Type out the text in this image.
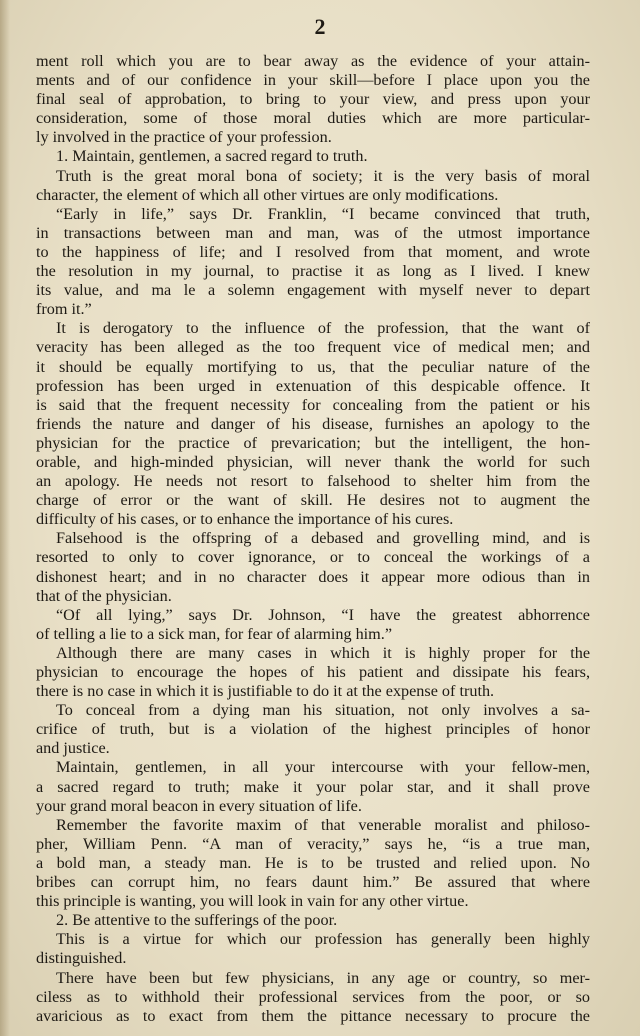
2
ment roll which you are to bear away as the evidence of your attain-
ments and of our confidence in your skill—before I place upon you the
final seal of approbation, to bring to your view, and press upon your
consideration, some of those moral duties which are more particular-
ly involved in the practice of your profession.
1. Maintain, gentlemen, a sacred regard to truth.
Truth is the great moral bona of society; it is the very basis of moral
character, the element of which all other virtues are only modifications.
“Early in life,” says Dr. Franklin, “I became convinced that truth,
in transactions between man and man, was of the utmost importance
to the happiness of life; and I resolved from that moment, and wrote
the resolution in my journal, to practise it as long as I lived. I knew
its value, and ma le a solemn engagement with myself never to depart
from it.”
It is derogatory to the influence of the profession, that the want of
veracity has been alleged as the too frequent vice of medical men; and
it should be equally mortifying to us, that the peculiar nature of the
profession has been urged in extenuation of this despicable offence. It
is said that the frequent necessity for concealing from the patient or his
friends the nature and danger of his disease, furnishes an apology to the
physician for the practice of prevarication; but the intelligent, the hon-
orable, and high-minded physician, will never thank the world for such
an apology. He needs not resort to falsehood to shelter him from the
charge of error or the want of skill. He desires not to augment the
difficulty of his cases, or to enhance the importance of his cures.
Falsehood is the offspring of a debased and grovelling mind, and is
resorted to only to cover ignorance, or to conceal the workings of a
dishonest heart; and in no character does it appear more odious than in
that of the physician.
“Of all lying,” says Dr. Johnson, “I have the greatest abhorrence
of telling a lie to a sick man, for fear of alarming him.”
Although there are many cases in which it is highly proper for the
physician to encourage the hopes of his patient and dissipate his fears,
there is no case in which it is justifiable to do it at the expense of truth.
To conceal from a dying man his situation, not only involves a sa-
crifice of truth, but is a violation of the highest principles of honor
and justice.
Maintain, gentlemen, in all your intercourse with your fellow-men,
a sacred regard to truth; make it your polar star, and it shall prove
your grand moral beacon in every situation of life.
Remember the favorite maxim of that venerable moralist and philoso-
pher, William Penn. “A man of veracity,” says he, “is a true man,
a bold man, a steady man. He is to be trusted and relied upon. No
bribes can corrupt him, no fears daunt him.” Be assured that where
this principle is wanting, you will look in vain for any other virtue.
2. Be attentive to the sufferings of the poor.
This is a virtue for which our profession has generally been highly
distinguished.
There have been but few physicians, in any age or country, so mer-
ciless as to withhold their professional services from the poor, or so
avaricious as to exact from them the pittance necessary to procure the
